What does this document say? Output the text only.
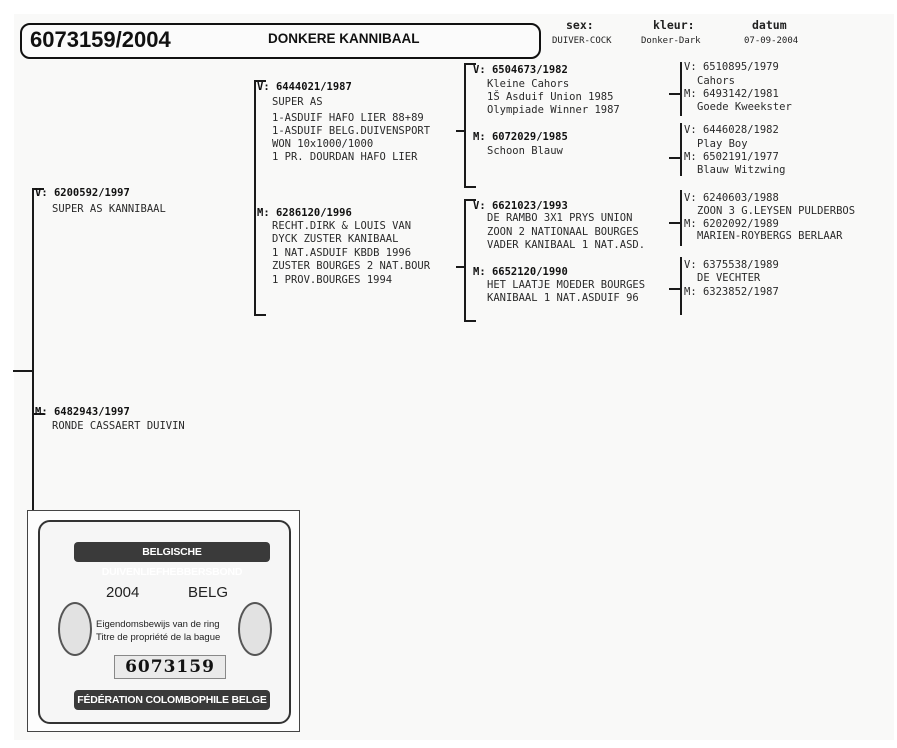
6073159/2004	DONKERE KANNIBAAL
sex:
DUIVER-COCK
kleur:
Donker-Dark
datum
07-09-2004
V: 6200592/1997
SUPER AS KANNIBAAL
M: 6482943/1997
RONDE CASSAERT DUIVIN
V: 6444021/1987
SUPER AS
1-ASDUIF HAFO LIER 88+89
1-ASDUIF BELG.DUIVENSPORT
WON 10x1000/1000
1 PR. DOURDAN HAFO LIER
M: 6286120/1996
RECHT.DIRK & LOUIS VAN
DYCK ZUSTER KANIBAAL
1 NAT.ASDUIF KBDB 1996
ZUSTER BOURGES 2 NAT.BOUR
1 PROV.BOURGES 1994
V: 6504673/1982
Kleine Cahors
1Š Asduif Union 1985
Olympiade Winner 1987
M: 6072029/1985
Schoon Blauw
V: 6621023/1993
DE RAMBO 3X1 PRYS UNION
ZOON 2 NATIONAAL BOURGES
VADER KANIBAAL 1 NAT.ASD.
M: 6652120/1990
HET LAATJE MOEDER BOURGES
KANIBAAL 1 NAT.ASDUIF 96
V: 6510895/1979
Cahors
M: 6493142/1981
Goede Kweekster
V: 6446028/1982
Play Boy
M: 6502191/1977
Blauw Witzwing
V: 6240603/1988
ZOON 3 G.LEYSEN PULDERBOS
M: 6202092/1989
MARIEN-ROYBERGS BERLAAR
V: 6375538/1989
DE VECHTER
M: 6323852/1987
BELGISCHE DUIVENLIEFHEBBERSBOND
2004	BELG
Eigendomsbewijs van de ring
Titre de propriété de la bague
6073159
FÉDÉRATION COLOMBOPHILE BELGE
